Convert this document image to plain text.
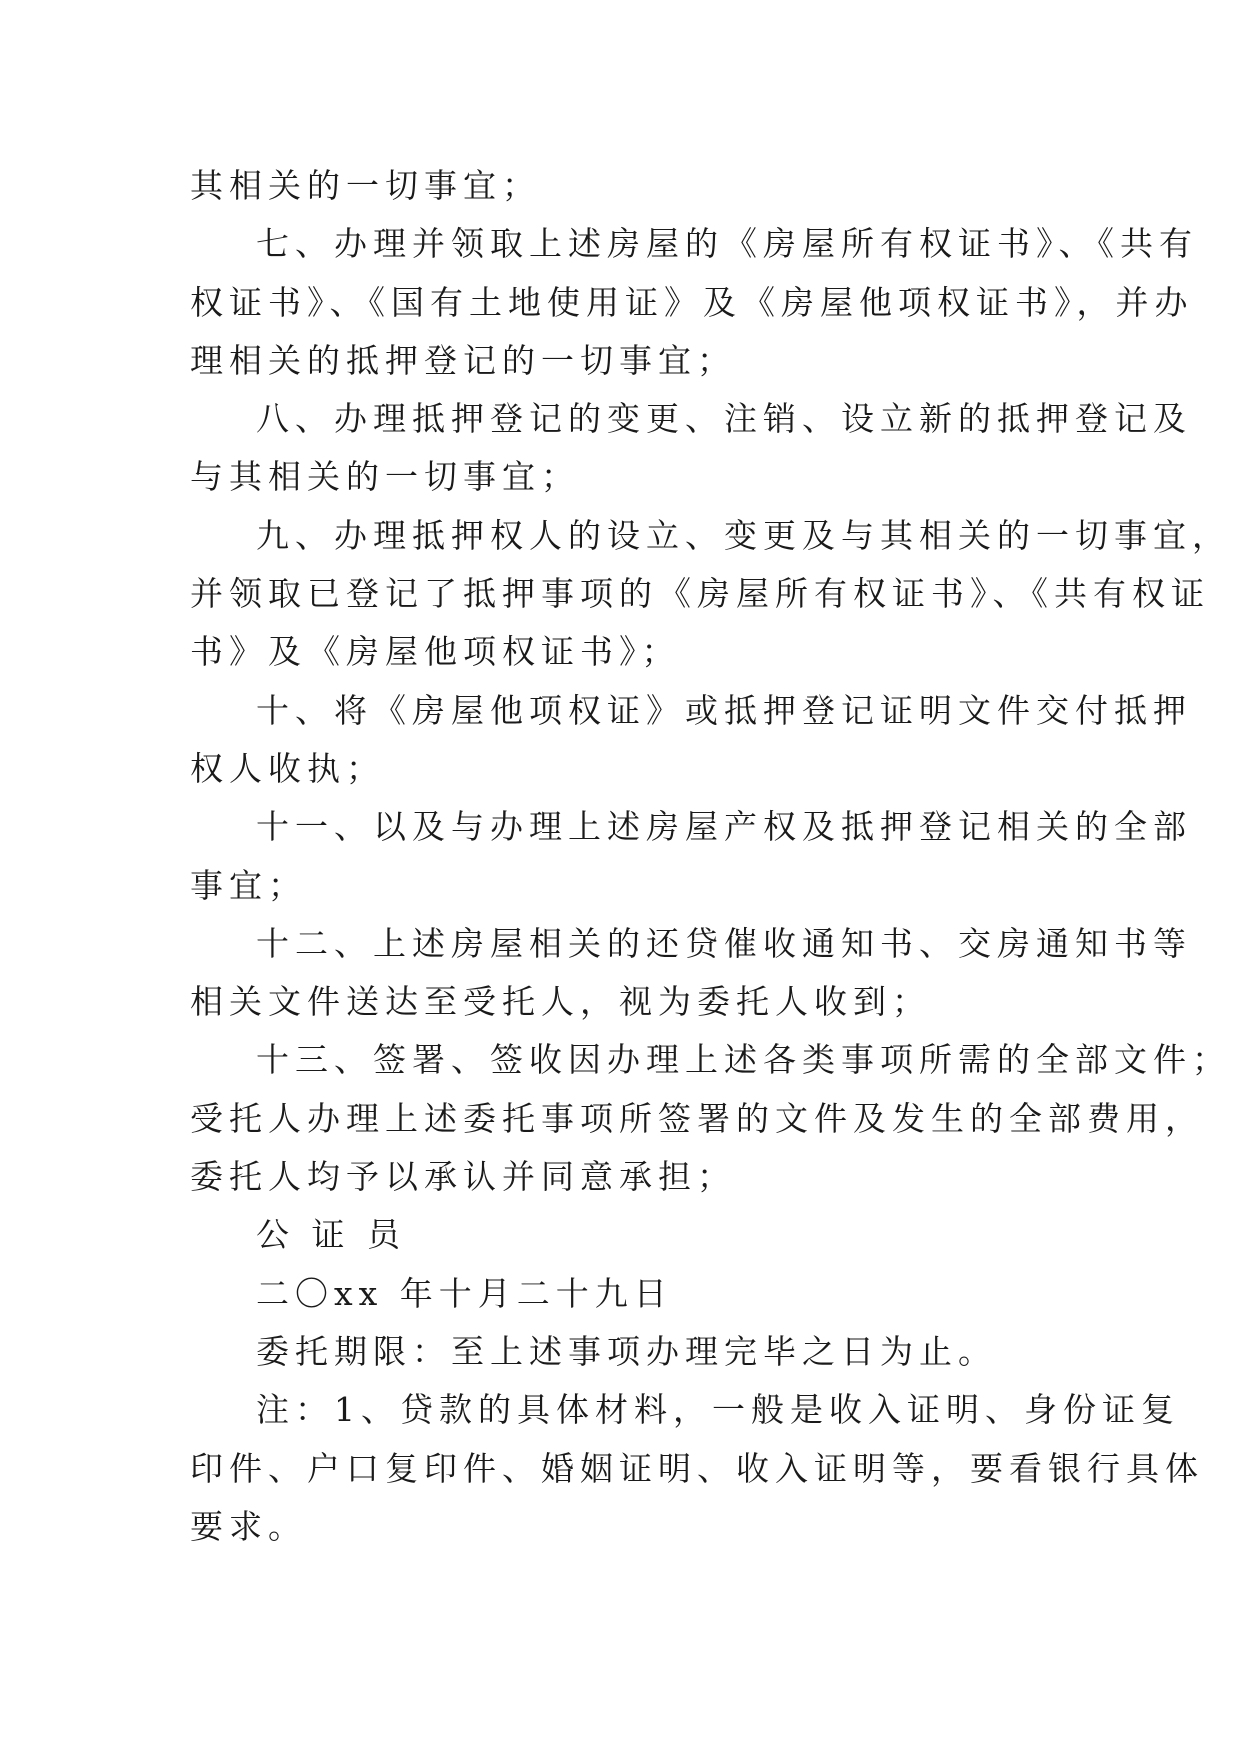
其相关的一切事宜；
七、办理并领取上述房屋的《房屋所有权证书》、《共有
权证书》、《国有土地使用证》及《房屋他项权证书》，并办
理相关的抵押登记的一切事宜；
八、办理抵押登记的变更、注销、设立新的抵押登记及
与其相关的一切事宜；
九、办理抵押权人的设立、变更及与其相关的一切事宜，
并领取已登记了抵押事项的《房屋所有权证书》、《共有权证
书》及《房屋他项权证书》；
十、将《房屋他项权证》或抵押登记证明文件交付抵押
权人收执；
十一、以及与办理上述房屋产权及抵押登记相关的全部
事宜；
十二、上述房屋相关的还贷催收通知书、交房通知书等
相关文件送达至受托人，视为委托人收到；
十三、签署、签收因办理上述各类事项所需的全部文件；
受托人办理上述委托事项所签署的文件及发生的全部费用，
委托人均予以承认并同意承担；
公 证 员
二〇xx 年十月二十九日
委托期限：至上述事项办理完毕之日为止。
注：1、贷款的具体材料，一般是收入证明、身份证复
印件、户口复印件、婚姻证明、收入证明等，要看银行具体
要求。
